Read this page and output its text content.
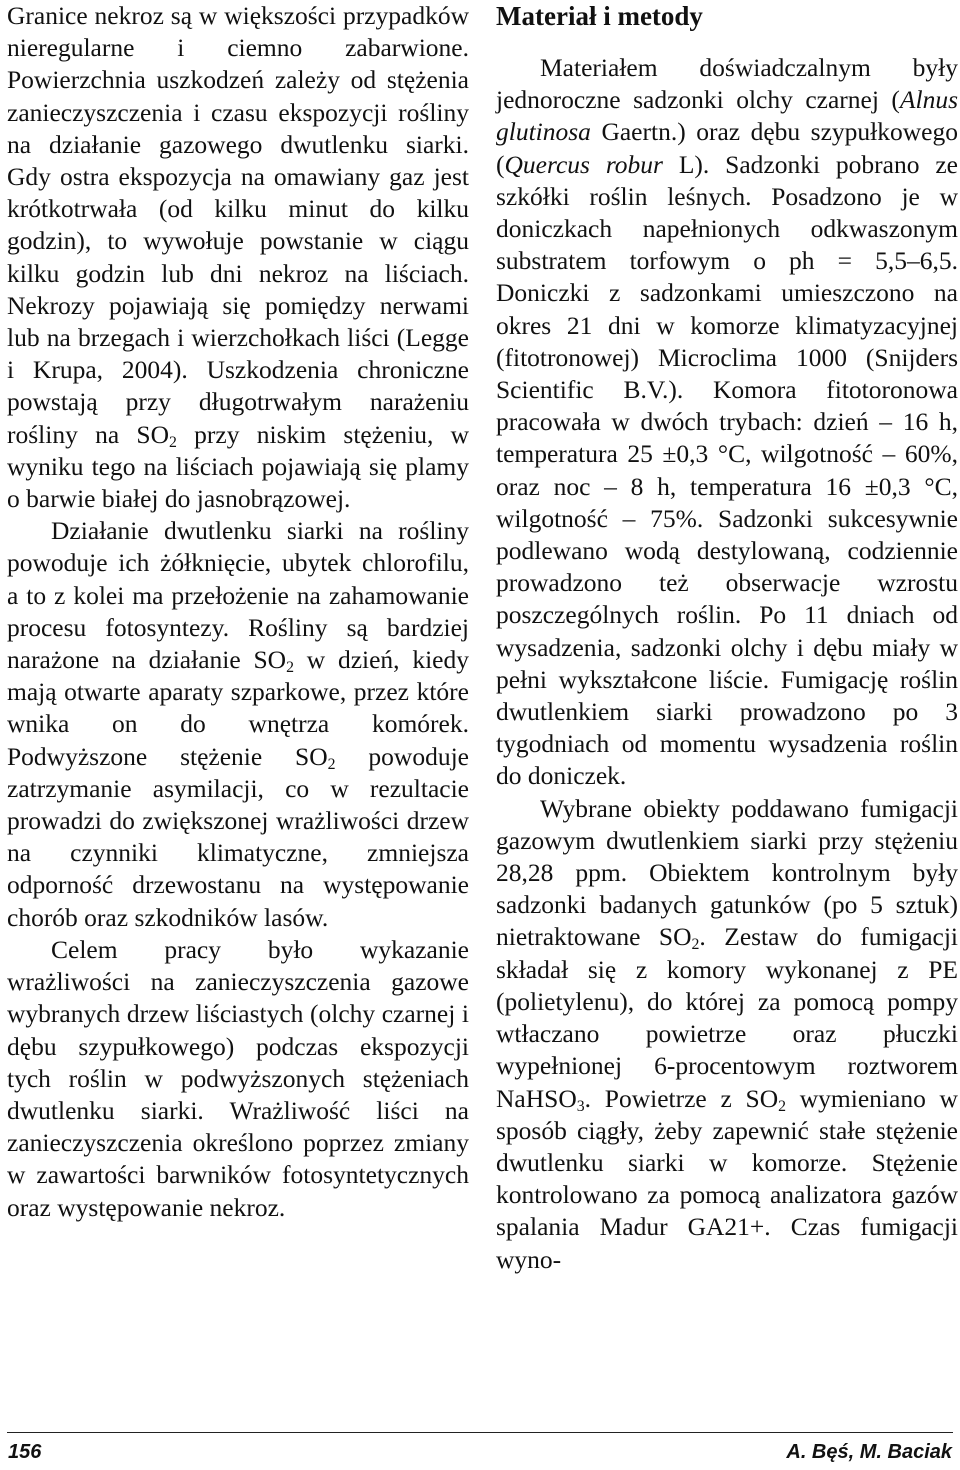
Granice nekroz są w większości przypadków nieregularne i ciemno zabarwione. Powierzchnia uszkodzeń zależy od stężenia zanieczyszczenia i czasu ekspozycji rośliny na działanie gazowego dwutlenku siarki. Gdy ostra ekspozycja na omawiany gaz jest krótkotrwała (od kilku minut do kilku godzin), to wywołuje powstanie w ciągu kilku godzin lub dni nekroz na liściach. Nekrozy pojawiają się pomiędzy nerwami lub na brzegach i wierzchołkach liści (Legge i Krupa, 2004). Uszkodzenia chroniczne powstają przy długotrwałym narażeniu rośliny na $SO_2$ przy niskim stężeniu, w wyniku tego na liściach pojawiają się plamy o barwie białej do jasnobrązowej.

Działanie dwutlenku siarki na rośliny powoduje ich żółknięcie, ubytek chlorofilu, a to z kolei ma przełożenie na zahamowanie procesu fotosyntezy. Rośliny są bardziej narażone na działanie $SO_2$ w dzień, kiedy mają otwarte aparaty szparkowe, przez które wnika on do wnętrza komórek. Podwyższone stężenie $SO_2$ powoduje zatrzymanie asymilacji, co w rezultacie prowadzi do zwiększonej wrażliwości drzew na czynniki klimatyczne, zmniejsza odporność drzewostanu na występowanie chorób oraz szkodników lasów.

Celem pracy było wykazanie wrażliwości na zanieczyszczenia gazowe wybranych drzew liściastych (olchy czarnej i dębu szypułkowego) podczas ekspozycji tych roślin w podwyższonych stężeniach dwutlenku siarki. Wrażliwość liści na zanieczyszczenia określono poprzez zmiany w zawartości barwników fotosyntetycznych oraz występowanie nekroz.

Materiał i metody

Materiałem doświadczalnym były jednoroczne sadzonki olchy czarnej (Alnus glutinosa Gaertn.) oraz dębu szypułkowego (Quercus robur L). Sadzonki pobrano ze szkółki roślin leśnych. Posadzono je w doniczkach napełnionych odkwaszonym substratem torfowym o ph = 5,5–6,5. Doniczki z sadzonkami umieszczono na okres 21 dni w komorze klimatyzacyjnej (fitotronowej) Microclima 1000 (Snijders Scientific B.V.). Komora fitotoronowa pracowała w dwóch trybach: dzień – 16 h, temperatura 25 ±0,3 °C, wilgotność – 60%, oraz noc – 8 h, temperatura 16 ±0,3 °C, wilgotność – 75%. Sadzonki sukcesywnie podlewano wodą destylowaną, codziennie prowadzono też obserwacje wzrostu poszczególnych roślin. Po 11 dniach od wysadzenia, sadzonki olchy i dębu miały w pełni wykształcone liście. Fumigację roślin dwutlenkiem siarki prowadzono po 3 tygodniach od momentu wysadzenia roślin do doniczek.

Wybrane obiekty poddawano fumigacji gazowym dwutlenkiem siarki przy stężeniu 28,28 ppm. Obiektem kontrolnym były sadzonki badanych gatunków (po 5 sztuk) nietraktowane $SO_2$. Zestaw do fumigacji składał się z komory wykonanej z PE (polietylenu), do której za pomocą pompy wtłaczano powietrze oraz płuczki wypełnionej 6-procentowym roztworem NaHSO$_3$. Powietrze z $SO_2$ wymieniano w sposób ciągły, żeby zapewnić stałe stężenie dwutlenku siarki w komorze. Stężenie kontrolowano za pomocą analizatora gazów spalania Madur GA21+. Czas fumigacji wyno-

156	A. Bęś, M. Baciak
